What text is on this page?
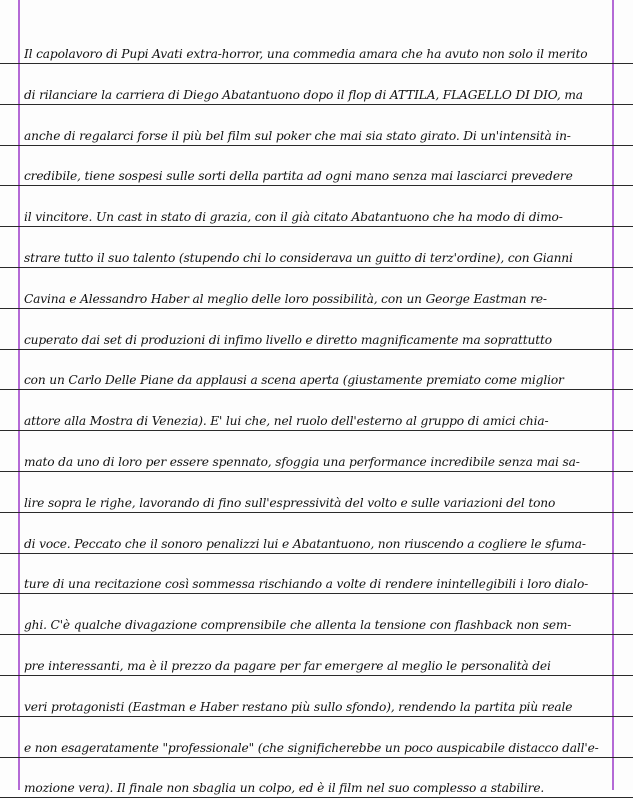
Il capolavoro di Pupi Avati extra-horror, una commedia amara che ha avuto non solo il merito
di rilanciare la carriera di Diego Abatantuono dopo il flop di ATTILA, FLAGELLO DI DIO, ma
anche di regalarci forse il più bel film sul poker che mai sia stato girato. Di un'intensità in-
credibile, tiene sospesi sulle sorti della partita ad ogni mano senza mai lasciarci prevedere
il vincitore. Un cast in stato di grazia, con il già citato Abatantuono che ha modo di dimo-
strare tutto il suo talento (stupendo chi lo considerava un guitto di terz'ordine), con Gianni
Cavina e Alessandro Haber al meglio delle loro possibilità, con un George Eastman re-
cuperato dai set di produzioni di infimo livello e diretto magnificamente ma soprattutto
con un Carlo Delle Piane da applausi a scena aperta (giustamente premiato come miglior
attore alla Mostra di Venezia). E' lui che, nel ruolo dell'esterno al gruppo di amici chia-
mato da uno di loro per essere spennato, sfoggia una performance incredibile senza mai sa-
lire sopra le righe, lavorando di fino sull'espressività del volto e sulle variazioni del tono
di voce. Peccato che il sonoro penalizzi lui e Abatantuono, non riuscendo a cogliere le sfuma-
ture di una recitazione così sommessa rischiando a volte di rendere inintellegibili i loro dialo-
ghi. C'è qualche divagazione comprensibile che allenta la tensione con flashback non sem-
pre interessanti, ma è il prezzo da pagare per far emergere al meglio le personalità dei
veri protagonisti (Eastman e Haber restano più sullo sfondo), rendendo la partita più reale
e non esageratamente "professionale" (che significherebbe un poco auspicabile distacco dall'e-
mozione vera). Il finale non sbaglia un colpo, ed è il film nel suo complesso a stabilire.
